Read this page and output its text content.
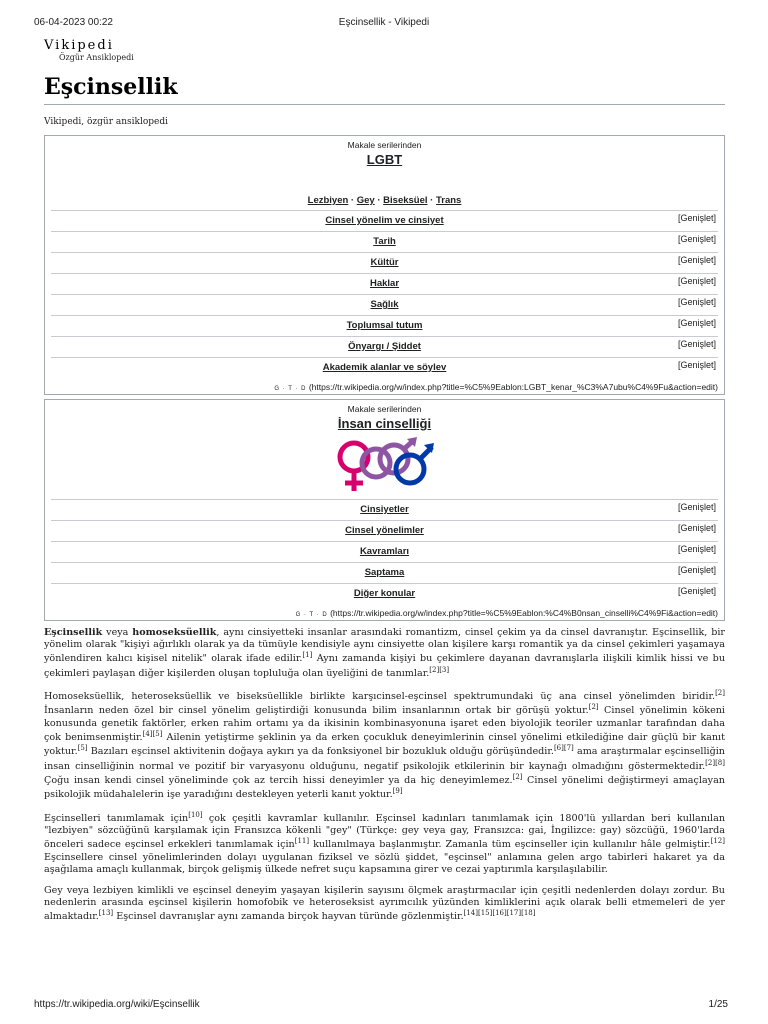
06-04-2023 00:22	Eşcinsellik - Vikipedi
Vikipedi
Özgür Ansiklopedi
Eşcinsellik
Vikipedi, özgür ansiklopedi
Makale serilerinden
LGBT
Lezbiyen · Gey · Biseksüel · Trans
Cinsel yönelim ve cinsiyet	[Genişlet]
Tarih	[Genişlet]
Kültür	[Genişlet]
Haklar	[Genişlet]
Sağlık	[Genişlet]
Toplumsal tutum	[Genişlet]
Önyargı / Şiddet	[Genişlet]
Akademik alanlar ve söylev	[Genişlet]
G · T · D (https://tr.wikipedia.org/w/index.php?title=%C5%9Eablon:LGBT_kenar_%C3%A7ubu%C4%9Fu&action=edit)
Makale serilerinden
İnsan cinselliği
Cinsiyetler	[Genişlet]
Cinsel yönelimler	[Genişlet]
Kavramları	[Genişlet]
Saptama	[Genişlet]
Diğer konular	[Genişlet]
G · T · D (https://tr.wikipedia.org/w/index.php?title=%C5%9Eablon:%C4%B0nsan_cinselli%C4%9Fi&action=edit)

Eşcinsellik veya homoseksüellik, aynı cinsiyetteki insanlar arasındaki romantizm, cinsel çekim ya da cinsel davranıştır. Eşcinsellik, bir yönelim olarak "kişiyi ağırlıklı olarak ya da tümüyle kendisiyle aynı cinsiyette olan kişilere karşı romantik ya da cinsel çekimleri yaşamaya yönlendiren kalıcı kişisel nitelik" olarak ifade edilir.[1] Aynı zamanda kişiyi bu çekimlere dayanan davranışlarla ilişkili kimlik hissi ve bu çekimleri paylaşan diğer kişilerden oluşan topluluğa olan üyeliğini de tanımlar.[2][3]

Homoseksüellik, heteroseksüellik ve biseksüellikle birlikte karşıcinsel-eşcinsel spektrumundaki üç ana cinsel yönelimden biridir.[2] İnsanların neden özel bir cinsel yönelim geliştirdiği konusunda bilim insanlarının ortak bir görüşü yoktur.[2] Cinsel yönelimin kökeni konusunda genetik faktörler, erken rahim ortamı ya da ikisinin kombinasyonuna işaret eden biyolojik teoriler uzmanlar tarafından daha çok benimsenmiştir.[4][5] Ailenin yetiştirme şeklinin ya da erken çocukluk deneyimlerinin cinsel yönelimi etkilediğine dair güçlü bir kanıt yoktur.[5] Bazıları eşcinsel aktivitenin doğaya aykırı ya da fonksiyonel bir bozukluk olduğu görüşündedir.[6][7] ama araştırmalar eşcinselliğin insan cinselliğinin normal ve pozitif bir varyasyonu olduğunu, negatif psikolojik etkilerinin bir kaynağı olmadığını göstermektedir.[2][8] Çoğu insan kendi cinsel yöneliminde çok az tercih hissi deneyimler ya da hiç deneyimlemez.[2] Cinsel yönelimi değiştirmeyi amaçlayan psikolojik müdahalelerin işe yaradığını destekleyen yeterli kanıt yoktur.[9]

Eşcinselleri tanımlamak için[10] çok çeşitli kavramlar kullanılır. Eşcinsel kadınları tanımlamak için 1800'lü yıllardan beri kullanılan "lezbiyen" sözcüğünü karşılamak için Fransızca kökenli "gey" (Türkçe: gey veya gay, Fransızca: gai, İngilizce: gay) sözcüğü, 1960'larda önceleri sadece eşcinsel erkekleri tanımlamak için[11] kullanılmaya başlanmıştır. Zamanla tüm eşcinseller için kullanılır hâle gelmiştir.[12] Eşcinsellere cinsel yönelimlerinden dolayı uygulanan fiziksel ve sözlü şiddet, "eşcinsel" anlamına gelen argo tabirleri hakaret ya da aşağılama amaçlı kullanmak, birçok gelişmiş ülkede nefret suçu kapsamına girer ve cezai yaptırımla karşılaşılabilir.

Gey veya lezbiyen kimlikli ve eşcinsel deneyim yaşayan kişilerin sayısını ölçmek araştırmacılar için çeşitli nedenlerden dolayı zordur. Bu nedenlerin arasında eşcinsel kişilerin homofobik ve heteroseksist ayrımcılık yüzünden kimliklerini açık olarak belli etmemeleri de yer almaktadır.[13] Eşcinsel davranışlar aynı zamanda birçok hayvan türünde gözlenmiştir.[14][15][16][17][18]

https://tr.wikipedia.org/wiki/Eşcinsellik	1/25
